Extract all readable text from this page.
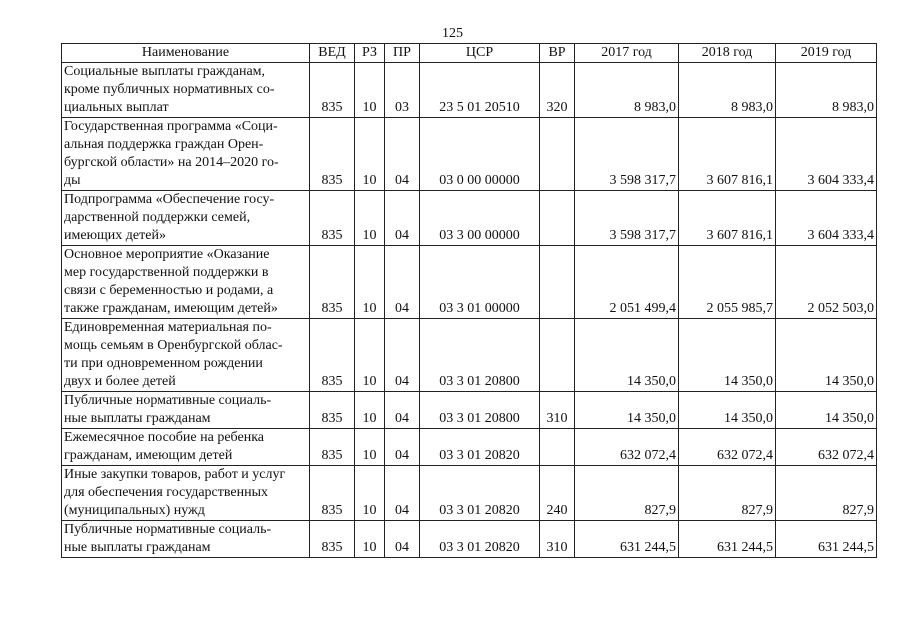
125
Наименование	ВЕД	РЗ	ПР	ЦСР	ВР	2017 год	2018 год	2019 год
Социальные выплаты гражданам,
кроме публичных нормативных со-
циальных выплат	835	10	03	23 5 01 20510	320	8 983,0	8 983,0	8 983,0
Государственная программа «Соци-
альная поддержка граждан Орен-
бургской области» на 2014–2020 го-
ды	835	10	04	03 0 00 00000		3 598 317,7	3 607 816,1	3 604 333,4
Подпрограмма «Обеспечение госу-
дарственной поддержки семей,
имеющих детей»	835	10	04	03 3 00 00000		3 598 317,7	3 607 816,1	3 604 333,4
Основное мероприятие «Оказание
мер государственной поддержки в
связи с беременностью и родами, а
также гражданам, имеющим детей»	835	10	04	03 3 01 00000		2 051 499,4	2 055 985,7	2 052 503,0
Единовременная материальная по-
мощь семьям в Оренбургской облас-
ти при одновременном рождении
двух и более детей	835	10	04	03 3 01 20800		14 350,0	14 350,0	14 350,0
Публичные нормативные социаль-
ные выплаты гражданам	835	10	04	03 3 01 20800	310	14 350,0	14 350,0	14 350,0
Ежемесячное пособие на ребенка
гражданам, имеющим детей	835	10	04	03 3 01 20820		632 072,4	632 072,4	632 072,4
Иные закупки товаров, работ и услуг
для обеспечения государственных
(муниципальных) нужд	835	10	04	03 3 01 20820	240	827,9	827,9	827,9
Публичные нормативные социаль-
ные выплаты гражданам	835	10	04	03 3 01 20820	310	631 244,5	631 244,5	631 244,5
